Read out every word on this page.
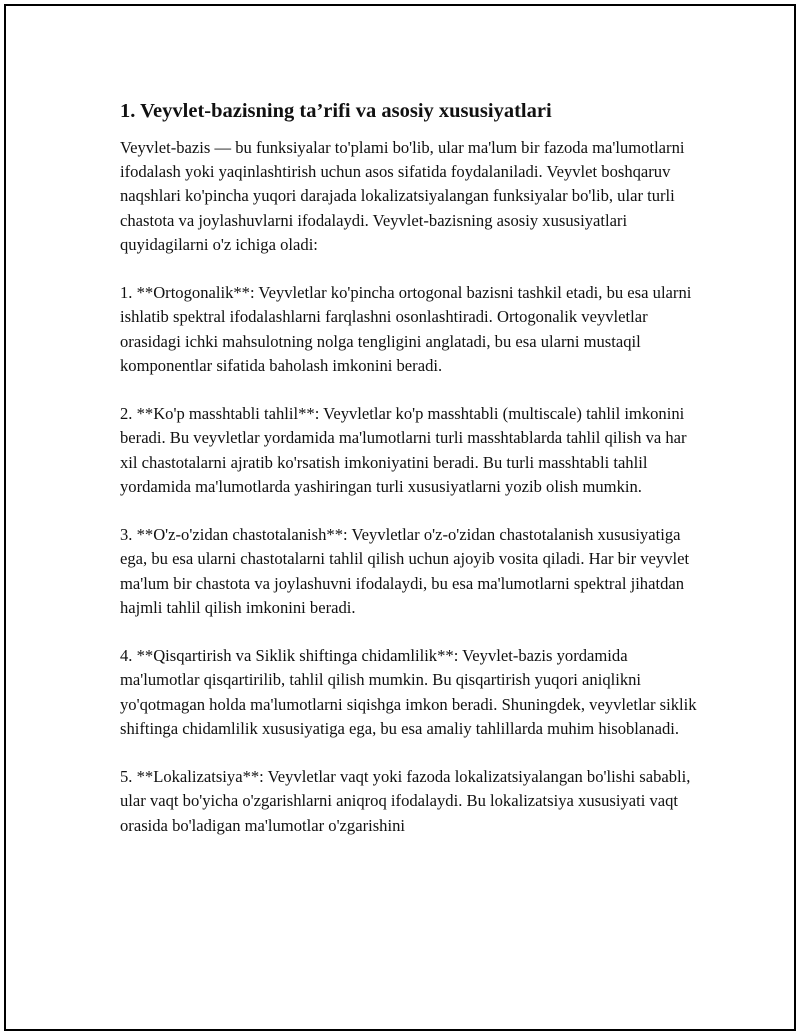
1. Veyvlet-bazisning ta’rifi va asosiy xususiyatlari

Veyvlet-bazis — bu funksiyalar to'plami bo'lib, ular ma'lum bir fazoda ma'lumotlarni ifodalash yoki yaqinlashtirish uchun asos sifatida foydalaniladi. Veyvlet boshqaruv naqshlari ko'pincha yuqori darajada lokalizatsiyalangan funksiyalar bo'lib, ular turli chastota va joylashuvlarni ifodalaydi. Veyvlet-bazisning asosiy xususiyatlari quyidagilarni o'z ichiga oladi:

1. **Ortogonalik**: Veyvletlar ko'pincha ortogonal bazisni tashkil etadi, bu esa ularni ishlatib spektral ifodalashlarni farqlashni osonlashtiradi. Ortogonalik veyvletlar orasidagi ichki mahsulotning nolga tengligini anglatadi, bu esa ularni mustaqil komponentlar sifatida baholash imkonini beradi.

2. **Ko'p masshtabli tahlil**: Veyvletlar ko'p masshtabli (multiscale) tahlil imkonini beradi. Bu veyvletlar yordamida ma'lumotlarni turli masshtablarda tahlil qilish va har xil chastotalarni ajratib ko'rsatish imkoniyatini beradi. Bu turli masshtabli tahlil yordamida ma'lumotlarda yashiringan turli xususiyatlarni yozib olish mumkin.

3. **O'z-o'zidan chastotalanish**: Veyvletlar o'z-o'zidan chastotalanish xususiyatiga ega, bu esa ularni chastotalarni tahlil qilish uchun ajoyib vosita qiladi. Har bir veyvlet ma'lum bir chastota va joylashuvni ifodalaydi, bu esa ma'lumotlarni spektral jihatdan hajmli tahlil qilish imkonini beradi.

4. **Qisqartirish va Siklik shiftinga chidamlilik**: Veyvlet-bazis yordamida ma'lumotlar qisqartirilib, tahlil qilish mumkin. Bu qisqartirish yuqori aniqlikni yo'qotmagan holda ma'lumotlarni siqishga imkon beradi. Shuningdek, veyvletlar siklik shiftinga chidamlilik xususiyatiga ega, bu esa amaliy tahlillarda muhim hisoblanadi.

5. **Lokalizatsiya**: Veyvletlar vaqt yoki fazoda lokalizatsiyalangan bo'lishi sababli, ular vaqt bo'yicha o'zgarishlarni aniqroq ifodalaydi. Bu lokalizatsiya xususiyati vaqt orasida bo'ladigan ma'lumotlar o'zgarishini
